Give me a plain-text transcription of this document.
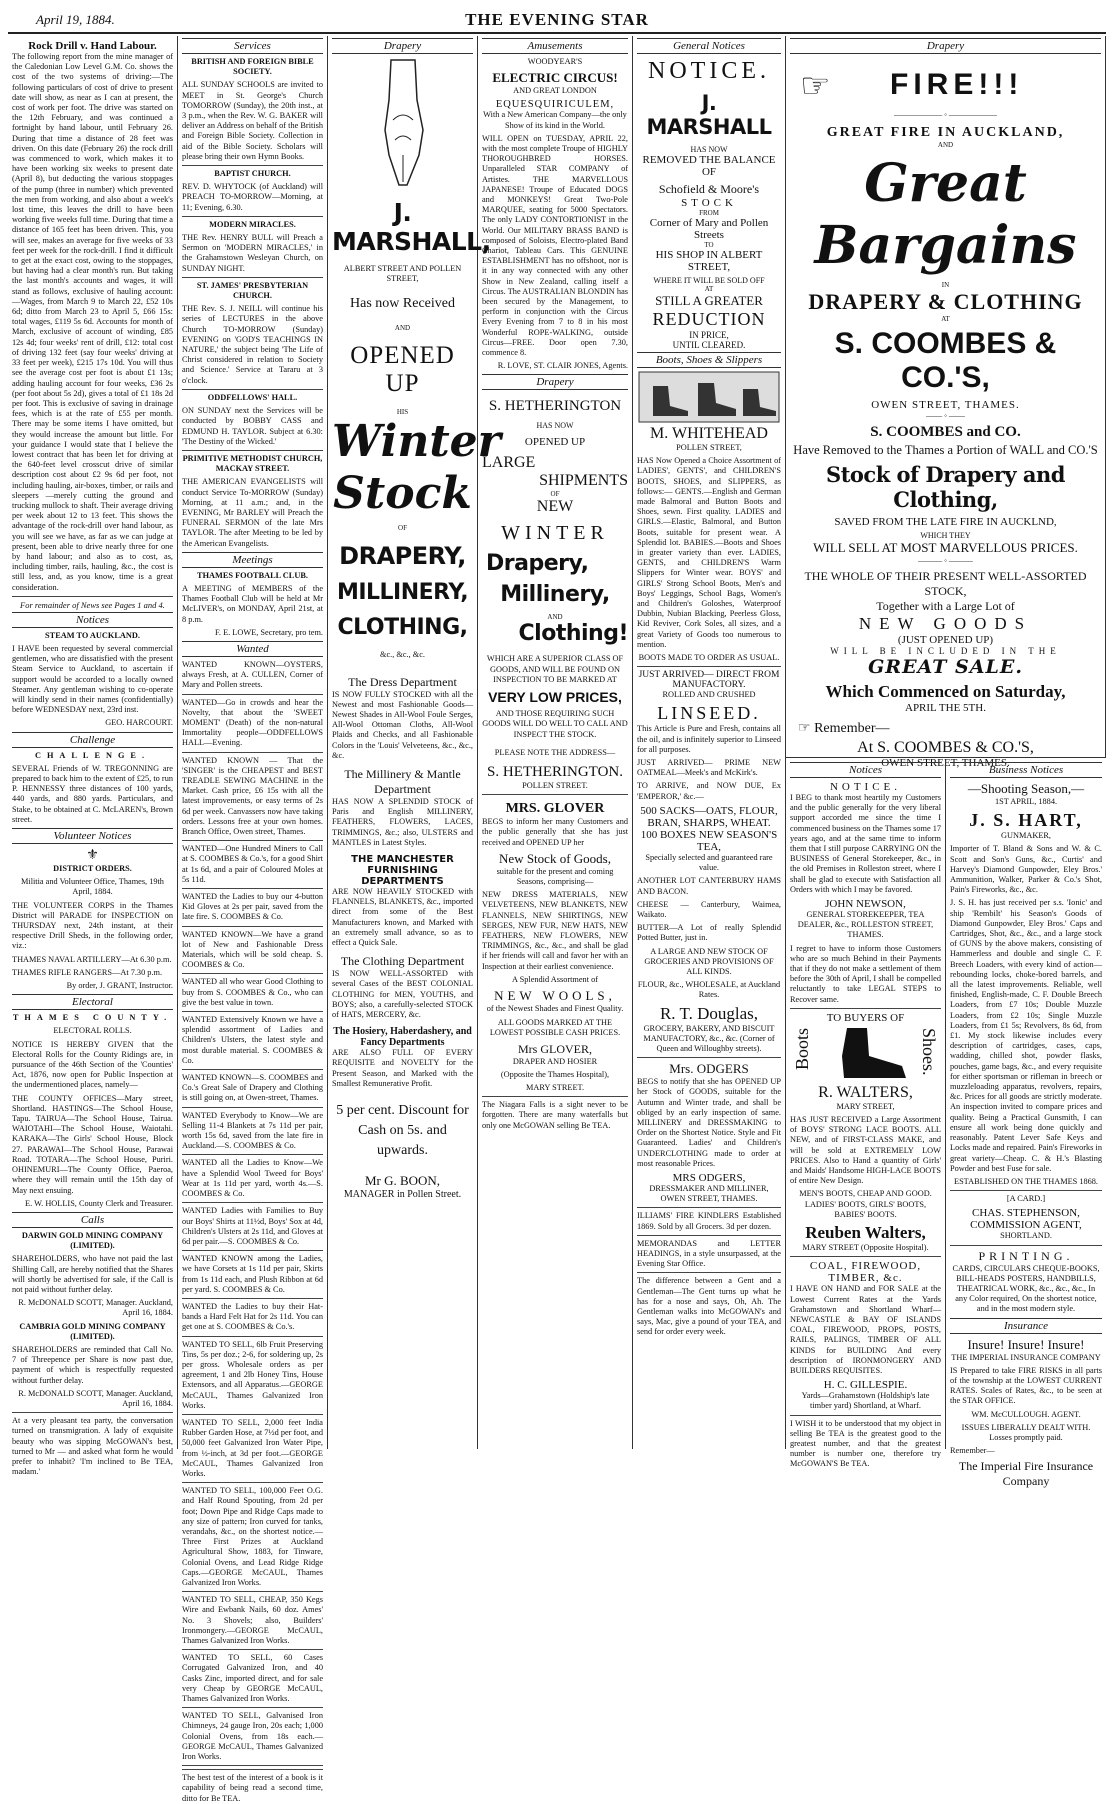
April 19, 1884.	THE EVENING STAR
Rock Drill v. Hand Labour.

The following report from the mine manager of the Caledonian Low Level G.M. Co. shows the cost of the two systems of driving:—The following particulars of cost of drive to present date will show, as near as I can at present, the cost of work per foot. The drive was started on the 12th February, and was continued a fortnight by hand labour, until February 26. During that time a distance of 28 feet was driven. On this date (February 26) the rock drill was commenced to work, which makes it to have been working six weeks to present date (April 8), but deducting the various stoppages of the pump (three in number) which prevented the men from working, and also about a week's lost time, this leaves the drill to have been working five weeks full time. During that time a distance of 165 feet has been driven. This, you will see, makes an average for five weeks of 33 feet per week for the rock-drill. I find it difficult to get at the exact cost, owing to the stoppages, but having had a clear month's run. But taking the last month's accounts and wages, it will stand as follows, exclusive of hauling account:—Wages, from March 9 to March 22, £52 10s 6d; ditto from March 23 to April 5, £66 15s: total wages, £119 5s 6d. Accounts for month of March, exclusive of account of winding, £85 12s 4d; four weeks' rent of drill, £12: total cost of driving 132 feet (say four weeks' driving at 33 feet per week), £215 17s 10d. You will thus see the average cost per foot is about £1 13s; adding hauling account for four weeks, £36 2s (per foot about 5s 2d), gives a total of £1 18s 2d per foot. This is exclusive of saving in drainage fees, which is at the rate of £55 per month. There may be some items I have omitted, but they would increase the amount but little. For your guidance I would state that I believe the lowest contract that has been let for driving at the 640-feet level crosscut drive of similar description cost about £2 9s 6d per foot, not including hauling, air-boxes, timber, or rails and sleepers —merely cutting the ground and trucking mullock to shaft. Their average driving per week about 12 to 13 feet. This shows the advantage of the rock-drill over hand labour, as you will see we have, as far as we can judge at present, been able to drive nearly three for one by hand labour; and also as to cost, as, including timber, rails, hauling, &c., the cost is still less, and, as you know, time is a great consideration.

For remainder of News see Pages 1 and 4.
Notices
STEAM TO AUCKLAND.

I HAVE been requested by several commercial gentlemen, who are dissatisfied with the present Steam Service to Auckland, to ascertain if support would be accorded to a locally owned Steamer. Any gentleman wishing to co-operate will kindly send in their names (confidentially) before WEDNESDAY next, 23rd inst.

GEO. HARCOURT.
Challenge
CHALLENGE.

SEVERAL Friends of W. TREGONNING are prepared to back him to the extent of £25, to run P. HENNESSY three distances of 100 yards, 440 yards, and 880 yards. Particulars, and Stake, to be obtained at C. McLAREN's, Brown street.

Volunteer Notices
⚜
DISTRICT ORDERS.
Militia and Volunteer Office, Thames, 19th April, 1884.

THE VOLUNTEER CORPS in the Thames District will PARADE for INSPECTION on THURSDAY next, 24th instant, at their respective Drill Sheds, in the following order, viz.:

THAMES NAVAL ARTILLERY—At 6.30 p.m.

THAMES RIFLE RANGERS—At 7.30 p.m.

By order, J. GRANT, Instructor.
Electoral
THAMES COUNTY.
ELECTORAL ROLLS.

NOTICE IS HEREBY GIVEN that the Electoral Rolls for the County Ridings are, in pursuance of the 46th Section of the 'Counties' Act, 1876, now open for Public Inspection at the undermentioned places, namely—

THE COUNTY OFFICES—Mary street, Shortland. HASTINGS—The School House, Tapu. TAIRUA—The School House, Tairua. WAIOTAHI—The School House, Waiotahi. KARAKA—The Girls' School House, Block 27. PARAWAI—The School House, Parawai Road. TOTARA—The School House, Puriri. OHINEMURI—The County Office, Paeroa, where they will remain until the 15th day of May next ensuing.

E. W. HOLLIS, County Clerk and Treasurer.
Calls
DARWIN GOLD MINING COMPANY (LIMITED).

SHAREHOLDERS, who have not paid the last Shilling Call, are hereby notified that the Shares will shortly be advertised for sale, if the Call is not paid without further delay.

R. McDONALD SCOTT, Manager. Auckland, April 16, 1884.
CAMBRIA GOLD MINING COMPANY (LIMITED).

SHAREHOLDERS are reminded that Call No. 7 of Threepence per Share is now past due, payment of which is respectfully requested without further delay.

R. McDONALD SCOTT, Manager. Auckland, April 16, 1884.

At a very pleasant tea party, the conversation turned on transmigration. A lady of exquisite beauty who was sipping McGOWAN's best, turned to Mr — and asked what form he would prefer to inhabit? 'I'm inclined to Be TEA, madam.'

Services
BRITISH AND FOREIGN BIBLE SOCIETY.

ALL SUNDAY SCHOOLS are invited to MEET in St. George's Church TOMORROW (Sunday), the 20th inst., at 3 p.m., when the Rev. W. G. BAKER will deliver an Address on behalf of the British and Foreign Bible Society. Collection in aid of the Bible Society. Scholars will please bring their own Hymn Books.

BAPTIST CHURCH.

REV. D. WHYTOCK (of Auckland) will PREACH TO-MORROW—Morning, at 11; Evening, 6.30.

MODERN MIRACLES.

THE Rev. HENRY BULL will Preach a Sermon on 'MODERN MIRACLES,' in the Grahamstown Wesleyan Church, on SUNDAY NIGHT.

ST. JAMES' PRESBYTERIAN CHURCH.

THE Rev. S. J. NEILL will continue his series of LECTURES in the above Church TO-MORROW (Sunday) EVENING on 'GOD'S TEACHINGS IN NATURE,' the subject being 'The Life of Christ considered in relation to Society and Science.' Service at Tararu at 3 o'clock.

ODDFELLOWS' HALL.

ON SUNDAY next the Services will be conducted by BOBBY CASS and EDMUND H. TAYLOR. Subject at 6.30: 'The Destiny of the Wicked.'

PRIMITIVE METHODIST CHURCH, MACKAY STREET.

THE AMERICAN EVANGELISTS will conduct Service To-MORROW (Sunday) Morning, at 11 a.m.; and, in the EVENING, Mr BARLEY will Preach the FUNERAL SERMON of the late Mrs TAYLOR. The after Meeting to be led by the American Evangelists.

Meetings
THAMES FOOTBALL CLUB.

A MEETING of MEMBERS of the Thames Football Club will be held at Mr McLIVER's, on MONDAY, April 21st, at 8 p.m.

F. E. LOWE, Secretary, pro tem.
Wanted

WANTED KNOWN—OYSTERS, always Fresh, at A. CULLEN, Corner of Mary and Pollen streets.

WANTED—Go in crowds and hear the Novelty, that about the 'SWEET MOMENT' (Death) of the non-natural Immortality people—ODDFELLOWS HALL—Evening.

WANTED KNOWN — That the 'SINGER' is the CHEAPEST and BEST TREADLE SEWING MACHINE in the Market. Cash price, £6 15s with all the latest improvements, or easy terms of 2s 6d per week. Canvassers now have taking orders. Lessons free at your own homes. Branch Office, Owen street, Thames.

WANTED—One Hundred Miners to Call at S. COOMBES & Co.'s, for a good Shirt at 1s 6d, and a pair of Coloured Moles at 5s 11d.

WANTED the Ladies to buy our 4-button Kid Gloves at 2s per pair, saved from the late fire. S. COOMBES & Co.

WANTED KNOWN—We have a grand lot of New and Fashionable Dress Materials, which will be sold cheap. S. COOMBES & Co.

WANTED all who wear Good Clothing to buy from S. COOMBES & Co., who can give the best value in town.

WANTED Extensively Known we have a splendid assortment of Ladies and Children's Ulsters, the latest style and most durable material. S. COOMBES & Co.

WANTED KNOWN—S. COOMBES and Co.'s Great Sale of Drapery and Clothing is still going on, at Owen-street, Thames.

WANTED Everybody to Know—We are Selling 11-4 Blankets at 7s 11d per pair, worth 15s 6d, saved from the late fire in Auckland.—S. COOMBES & Co.

WANTED all the Ladies to Know—We have a Splendid Wool Tweed for Boys' Wear at 1s 11d per yard, worth 4s.—S. COOMBES & Co.

WANTED Ladies with Families to Buy our Boys' Shirts at 11½d, Boys' Sox at 4d, Children's Ulsters at 2s 11d, and Gloves at 6d per pair.—S. COOMBES & Co.

WANTED KNOWN among the Ladies, we have Corsets at 1s 11d per pair, Skirts from 1s 11d each, and Plush Ribbon at 6d per yard. S. COOMBES & Co.

WANTED the Ladies to buy their Hat-bands a Hard Felt Hat for 2s 11d. You can get one at S. COOMBES & Co.'s.

WANTED TO SELL, 6lb Fruit Preserving Tins, 5s per doz.; 2-6, for soldering up, 2s per gross. Wholesale orders as per agreement, 1 and 2lb Honey Tins, House Extensors, and all Apparatus.—GEORGE McCAUL, Thames Galvanized Iron Works.

WANTED TO SELL, 2,000 feet India Rubber Garden Hose, at 7½d per foot, and 50,000 feet Galvanized Iron Water Pipe, from ½-inch, at 3d per foot.—GEORGE McCAUL, Thames Galvanized Iron Works.

WANTED TO SELL, 100,000 Feet O.G. and Half Round Spouting, from 2d per foot; Down Pipe and Ridge Caps made to any size of pattern; Iron curved for tanks, verandahs, &c., on the shortest notice.—Three First Prizes at Auckland Agricultural Show, 1883, for Tinware, Colonial Ovens, and Lead Ridge Ridge Caps.—GEORGE McCAUL, Thames Galvanized Iron Works.

WANTED TO SELL, CHEAP, 350 Kegs Wire and Ewbank Nails, 60 doz. Ames' No. 3 Shovels; also, Builders' Ironmongery.—GEORGE McCAUL, Thames Galvanized Iron Works.

WANTED TO SELL, 60 Cases Corrugated Galvanized Iron, and 40 Casks Zinc, imported direct, and for sale very Cheap by GEORGE McCAUL, Thames Galvanized Iron Works.

WANTED TO SELL, Galvanised Iron Chimneys, 24 gauge Iron, 20s each; 1,000 Colonial Ovens, from 18s each.—GEORGE McCAUL, Thames Galvanized Iron Works.

The best test of the interest of a book is it capability of being read a second time, ditto for Be TEA.

Drapery
J. MARSHALL,
ALBERT STREET AND POLLEN STREET,
Has now Received
AND
OPENED UP
HIS
Winter
Stock
OF
DRAPERY,
MILLINERY,
CLOTHING,
&c., &c., &c.
The Dress Department

IS NOW FULLY STOCKED with all the Newest and most Fashionable Goods—Newest Shades in All-Wool Foule Serges, All-Wool Ottoman Cloths, All-Wool Plaids and Checks, and all Fashionable Colors in the 'Louis' Velveteens, &c., &c., &c.

The Millinery & Mantle Department

HAS NOW A SPLENDID STOCK of Paris and English MILLINERY, FEATHERS, FLOWERS, LACES, TRIMMINGS, &c.; also, ULSTERS and MANTLES in Latest Styles.

THE MANCHESTER FURNISHING DEPARTMENTS

ARE NOW HEAVILY STOCKED with FLANNELS, BLANKETS, &c., imported direct from some of the Best Manufacturers known, and Marked with an extremely small advance, so as to effect a Quick Sale.

The Clothing Department

IS NOW WELL-ASSORTED with several Cases of the BEST COLONIAL CLOTHING for MEN, YOUTHS, and BOYS; also, a carefully-selected STOCK of HATS, MERCERY, &c.

The Hosiery, Haberdashery, and Fancy Departments

ARE ALSO FULL OF EVERY REQUISITE and NOVELTY for the Present Season, and Marked with the Smallest Remunerative Profit.

5 per cent. Discount for Cash on 5s. and upwards.
Mr G. BOON,
MANAGER in Pollen Street.
Amusements
WOODYEAR'S
ELECTRIC CIRCUS!
AND GREAT LONDON
EQUESQUIRICULEM,
With a New American Company—the only Show of its kind in the World.

WILL OPEN on TUESDAY, APRIL 22, with the most complete Troupe of HIGHLY THOROUGHBRED HORSES. Unparalleled STAR COMPANY of Artistes. THE MARVELLOUS JAPANESE! Troupe of Educated DOGS and MONKEYS! Great Two-Pole MARQUEE, seating for 5000 Spectators. The only LADY CONTORTIONIST in the World. Our MILITARY BRASS BAND is composed of Soloists, Electro-plated Band Chariot, Tableau Cars. This GENUINE ESTABLISHMENT has no offshoot, nor is it in any way connected with any other Show in New Zealand, calling itself a Circus. The AUSTRALIAN BLONDIN has been secured by the Management, to perform in conjunction with the Circus Every Evening from 7 to 8 in his most Wonderful ROPE-WALKING, outside Circus—FREE. Door open 7.30, commence 8.

R. LOVE, ST. CLAIR JONES, Agents.
Drapery
S. HETHERINGTON
HAS NOW
OPENED UP
LARGE
SHIPMENTS
OF
NEW
WINTER
Drapery,
Millinery,
AND
Clothing!
WHICH ARE A SUPERIOR CLASS OF GOODS, AND WILL BE FOUND ON INSPECTION TO BE MARKED AT
VERY LOW PRICES,
AND THOSE REQUIRING SUCH GOODS WILL DO WELL TO CALL AND INSPECT THE STOCK.
PLEASE NOTE THE ADDRESS—
S. HETHERINGTON.
POLLEN STREET.
MRS. GLOVER

BEGS to inform her many Customers and the public generally that she has just received and OPENED UP her

New Stock of Goods,
suitable for the present and coming Seasons, comprising—

NEW DRESS MATERIALS, NEW VELVETEENS, NEW BLANKETS, NEW FLANNELS, NEW SHIRTINGS, NEW SERGES, NEW FUR, NEW HATS, NEW FEATHERS, NEW FLOWERS, NEW TRIMMINGS, &c., &c., and shall be glad if her friends will call and favor her with an Inspection at their earliest convenience.

A Splendid Assortment of
NEW WOOLS,
of the Newest Shades and Finest Quality.
ALL GOODS MARKED AT THE LOWEST POSSIBLE CASH PRICES.
Mrs GLOVER,
DRAPER AND HOSIER
(Opposite the Thames Hospital),
MARY STREET.

The Niagara Falls is a sight never to be forgotten. There are many waterfalls but only one McGOWAN selling Be TEA.

General Notices
NOTICE.
J. MARSHALL
HAS NOW
REMOVED THE BALANCE OF
Schofield & Moore's
STOCK
FROM
Corner of Mary and Pollen Streets
TO
HIS SHOP IN ALBERT STREET,
WHERE IT WILL BE SOLD OFF
AT
STILL A GREATER
REDUCTION
IN PRICE,
UNTIL CLEARED.
Boots, Shoes & Slippers
M. WHITEHEAD
POLLEN STREET,

HAS Now Opened a Choice Assortment of LADIES', GENTS', and CHILDREN'S BOOTS, SHOES, and SLIPPERS, as follows:— GENTS.—English and German made Balmoral and Button Boots and Shoes, sewn. First quality. LADIES and GIRLS.—Elastic, Balmoral, and Button Boots, suitable for present wear. A Splendid lot. BABIES.—Boots and Shoes in greater variety than ever. LADIES, GENTS, and CHILDREN'S Warm Slippers for Winter wear. BOYS' and GIRLS' Strong School Boots, Men's and Boys' Leggings, School Bags, Women's and Children's Goloshes, Waterproof Dubbin, Nubian Blacking, Peerless Gloss, Kid Reviver, Cork Soles, all sizes, and a great Variety of Goods too numerous to mention.

BOOTS MADE TO ORDER AS USUAL.
JUST ARRIVED— DIRECT FROM MANUFACTORY.
ROLLED AND CRUSHED
LINSEED.

This Article is Pure and Fresh, contains all the oil, and is infinitely superior to Linseed for all purposes.

JUST ARRIVED— PRIME NEW OATMEAL—Meek's and McKirk's.

TO ARRIVE, and NOW DUE, Ex 'EMPEROR,' &c.—

500 SACKS—OATS, FLOUR, BRAN, SHARPS, WHEAT.
100 BOXES NEW SEASON'S TEA,
Specially selected and guaranteed rare value.

ANOTHER LOT CANTERBURY HAMS AND BACON.

CHEESE — Canterbury, Waimea, Waikato.

BUTTER—A Lot of really Splendid Potted Butter, just in.

A LARGE AND NEW STOCK OF GROCERIES AND PROVISIONS OF ALL KINDS.

FLOUR, &c., WHOLESALE, at Auckland Rates.

R. T. Douglas,
GROCERY, BAKERY, AND BISCUIT MANUFACTORY, &c., &c. (Corner of Queen and Willoughby streets).
Mrs. ODGERS

BEGS to notify that she has OPENED UP her Stock of GOODS, suitable for the Autumn and Winter trade, and shall be obliged by an early inspection of same. MILLINERY and DRESSMAKING to Order on the Shortest Notice. Style and Fit Guaranteed. Ladies' and Children's UNDERCLOTHING made to order at most reasonable Prices.

MRS ODGERS,
DRESSMAKER AND MILLINER, OWEN STREET, THAMES.

ILLIAMS' FIRE KINDLERS Established 1869. Sold by all Grocers. 3d per dozen.

MEMORANDAS and LETTER HEADINGS, in a style unsurpassed, at the Evening Star Office.

The difference between a Gent and a Gentleman—The Gent turns up what he has for a nose and says, Oh, Ah. The Gentleman walks into McGOWAN's and says, Mac, give a pound of your TEA, and send for order every week.

Drapery
☞ FIRE!!!
—————— ◦ ——————
GREAT FIRE IN AUCKLAND,
AND
Great Bargains
IN
DRAPERY & CLOTHING
AT
S. COOMBES & CO.'S,
OWEN STREET, THAMES.
—— ◦ ——
S. COOMBES and CO.
Have Removed to the Thames a Portion of WALL and CO.'S
Stock of Drapery and Clothing,
SAVED FROM THE LATE FIRE IN AUCKLND,
WHICH THEY
WILL SELL AT MOST MARVELLOUS PRICES.
——— ◦ ———
THE WHOLE OF THEIR PRESENT WELL-ASSORTED STOCK,
Together with a Large Lot of
NEW GOODS
(JUST OPENED UP)
WILL BE INCLUDED IN THE
GREAT SALE.
Which Commenced on Saturday,
APRIL THE 5TH.
☞ Remember—
At S. COOMBES & CO.'S,
OWEN STREET, THAMES.
Notices
NOTICE.

I BEG to thank most heartily my Customers and the public generally for the very liberal support accorded me since the time I commenced business on the Thames some 17 years ago, and at the same time to inform them that I still purpose CARRYING ON the BUSINESS of General Storekeeper, &c., in the old Premises in Rolleston street, where I shall be glad to execute with Satisfaction all Orders with which I may be favored.

JOHN NEWSON,
GENERAL STOREKEEPER, TEA DEALER, &c., ROLLESTON STREET, THAMES.

I regret to have to inform those Customers who are so much Behind in their Payments that if they do not make a settlement of them before the 30th of April, I shall be compelled reluctantly to take LEGAL STEPS to Recover same.

TO BUYERS OF
Boots	Shoes.
R. WALTERS,
MARY STREET,

HAS JUST RECEIVED a Large Assortment of BOYS' STRONG LACE BOOTS. ALL NEW, and of FIRST-CLASS MAKE, and will be sold at EXTREMELY LOW PRICES. Also to Hand a quantity of Girls' and Maids' Handsome HIGH-LACE BOOTS of entire New Design.

MEN'S BOOTS, CHEAP AND GOOD. LADIES' BOOTS, GIRLS' BOOTS, BABIES' BOOTS.

Reuben Walters,
MARY STREET (Opposite Hospital).
COAL, FIREWOOD, TIMBER, &c.

I HAVE ON HAND and FOR SALE at the Lowest Current Rates at the Yards Grahamstown and Shortland Wharf— NEWCASTLE & BAY OF ISLANDS COAL, FIREWOOD, PROPS, POSTS, RAILS, PALINGS, TIMBER OF ALL KINDS for BUILDING And every description of IRONMONGERY AND BUILDERS REQUISITES.

H. C. GILLESPIE.
Yards—Grahamstown (Holdship's late timber yard) Shortland, at Wharf.

I WISH it to be understood that my object in selling Be TEA is the greatest good to the greatest number, and that the greatest number is number one, therefore try McGOWAN'S Be TEA.

Business Notices
—Shooting Season,—
1ST APRIL, 1884.
J. S. HART,
GUNMAKER,

Importer of T. Bland & Sons and W. & C. Scott and Son's Guns, &c., Curtis' and Harvey's Diamond Gunpowder, Eley Bros.' Ammunition, Walker, Parker & Co.'s Shot, Pain's Fireworks, &c., &c.

J. S. H. has just received per s.s. 'Ionic' and ship 'Rembilt' his Season's Goods of Diamond Gunpowder, Eley Bros.' Caps and Cartridges, Shot, &c., &c., and a large stock of GUNS by the above makers, consisting of Hammerless and double and single C. F. Breech Loaders, with every kind of action—rebounding locks, choke-bored barrels, and all the latest improvements. Reliable, well finished, English-made, C. F. Double Breech Loaders, from £7 10s; Double Muzzle Loaders, from £2 10s; Single Muzzle Loaders, from £1 5s; Revolvers, 8s 6d, from £1. My stock likewise includes every description of cartridges, cases, caps, wadding, chilled shot, powder flasks, pouches, game bags, &c., and every requisite for either sportsman or rifleman in breech or muzzleloading apparatus, revolvers, repairs, &c. Prices for all goods are strictly moderate. An inspection invited to compare prices and quality. Being a Practical Gunsmith, I can ensure all work being done quickly and reasonably. Patent Lever Safe Keys and Locks made and repaired. Pain's Fireworks in great variety—Cheap. C. & H.'s Blasting Powder and best Fuse for sale.

ESTABLISHED ON THE THAMES 1868.
[A CARD.]
CHAS. STEPHENSON, COMMISSION AGENT,
SHORTLAND.
PRINTING.

CARDS, CIRCULARS CHEQUE-BOOKS, BILL-HEADS POSTERS, HANDBILLS, THEATRICAL WORK, &c., &c., &c., In any Color required, On the shortest notice, and in the most modern style.

Insurance
Insure! Insure! Insure!
THE IMPERIAL INSURANCE COMPANY

IS Prepared to take FIRE RISKS in all parts of the township at the LOWEST CURRENT RATES. Scales of Rates, &c., to be seen at the STAR OFFICE.

WM. McCULLOUGH. AGENT.
ISSUES LIBERALLY DEALT WITH. Losses promptly paid.
Remember—
The Imperial Fire Insurance Company
